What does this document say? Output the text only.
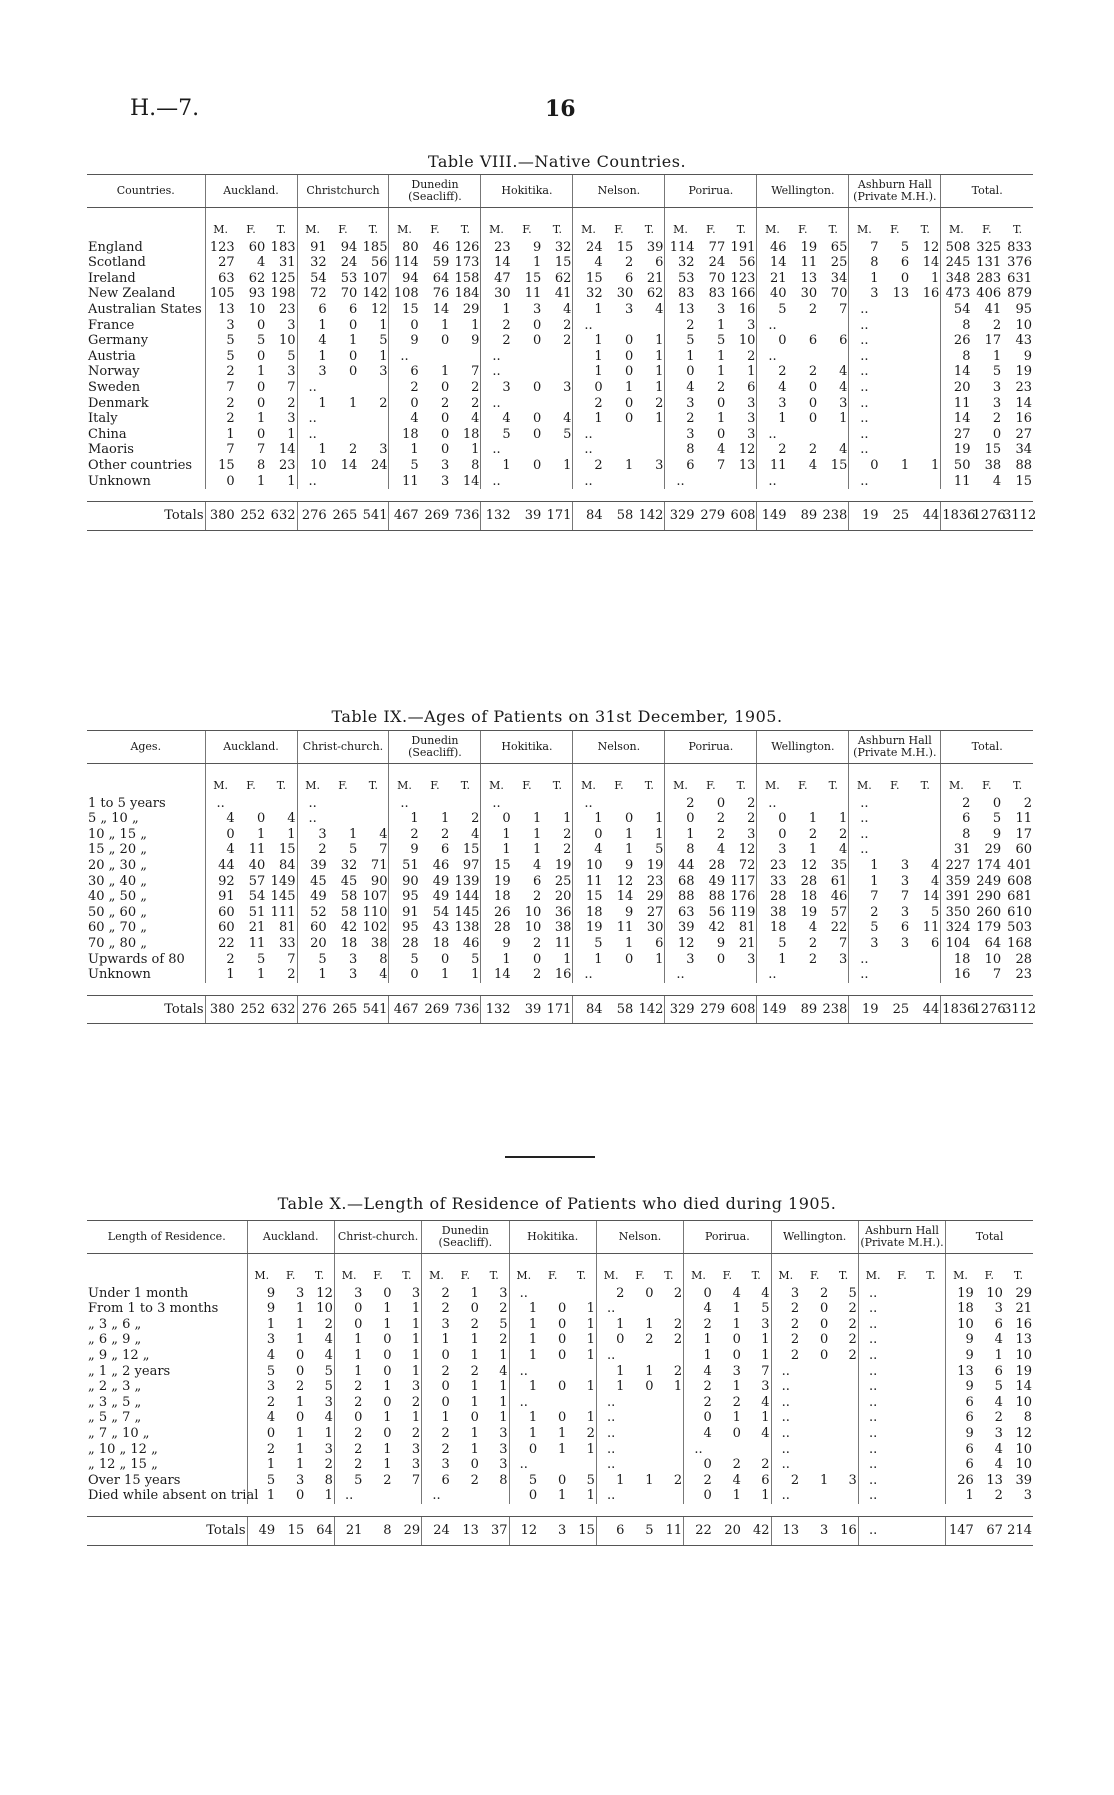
H.—7.	16
Table VIII.—Native Countries.
Countries.	Auckland.			Christchurch			Dunedin (Seacliff).			Hokitika.			Nelson.			Porirua.			Wellington.			Ashburn Hall (Private M.H.).			Total.		
	M.	F.	T.	M.	F.	T.	M.	F.	T.	M.	F.	T.	M.	F.	T.	M.	F.	T.	M.	F.	T.	M.	F.	T.	M.	F.	T.
England	123	60	183	91	94	185	80	46	126	23	9	32	24	15	39	114	77	191	46	19	65	7	5	12	508	325	833
Scotland	27	4	31	32	24	56	114	59	173	14	1	15	4	2	6	32	24	56	14	11	25	8	6	14	245	131	376
Ireland	63	62	125	54	53	107	94	64	158	47	15	62	15	6	21	53	70	123	21	13	34	1	0	1	348	283	631
New Zealand	105	93	198	72	70	142	108	76	184	30	11	41	32	30	62	83	83	166	40	30	70	3	13	16	473	406	879
Australian States	13	10	23	6	6	12	15	14	29	1	3	4	1	3	4	13	3	16	5	2	7	..			54	41	95
France	3	0	3	1	0	1	0	1	1	2	0	2	..			2	1	3	..			..			8	2	10
Germany	5	5	10	4	1	5	9	0	9	2	0	2	1	0	1	5	5	10	0	6	6	..			26	17	43
Austria	5	0	5	1	0	1	..			..			1	0	1	1	1	2	..			..			8	1	9
Norway	2	1	3	3	0	3	6	1	7	..			1	0	1	0	1	1	2	2	4	..			14	5	19
Sweden	7	0	7	..			2	0	2	3	0	3	0	1	1	4	2	6	4	0	4	..			20	3	23
Denmark	2	0	2	1	1	2	0	2	2	..			2	0	2	3	0	3	3	0	3	..			11	3	14
Italy	2	1	3	..			4	0	4	4	0	4	1	0	1	2	1	3	1	0	1	..			14	2	16
China	1	0	1	..			18	0	18	5	0	5	..			3	0	3	..			..			27	0	27
Maoris	7	7	14	1	2	3	1	0	1	..			..			8	4	12	2	2	4	..			19	15	34
Other countries	15	8	23	10	14	24	5	3	8	1	0	1	2	1	3	6	7	13	11	4	15	0	1	1	50	38	88
Unknown	0	1	1	..			11	3	14	..			..			..			..			..			11	4	15

Totals	380	252	632	276	265	541	467	269	736	132	39	171	84	58	142	329	279	608	149	89	238	19	25	44	1836	1276	3112
Table IX.—Ages of Patients on 31st December, 1905.
Ages.	Auckland.			Christ-church.			Dunedin (Seacliff).			Hokitika.			Nelson.			Porirua.			Wellington.			Ashburn Hall (Private M.H.).			Total.		
	M.	F.	T.	M.	F.	T.	M.	F.	T.	M.	F.	T.	M.	F.	T.	M.	F.	T.	M.	F.	T.	M.	F.	T.	M.	F.	T.
1 to 5 years	..			..			..			..			..			2	0	2	..			..			2	0	2
5 „ 10 „	4	0	4	..			1	1	2	0	1	1	1	0	1	0	2	2	0	1	1	..			6	5	11
10 „ 15 „	0	1	1	3	1	4	2	2	4	1	1	2	0	1	1	1	2	3	0	2	2	..			8	9	17
15 „ 20 „	4	11	15	2	5	7	9	6	15	1	1	2	4	1	5	8	4	12	3	1	4	..			31	29	60
20 „ 30 „	44	40	84	39	32	71	51	46	97	15	4	19	10	9	19	44	28	72	23	12	35	1	3	4	227	174	401
30 „ 40 „	92	57	149	45	45	90	90	49	139	19	6	25	11	12	23	68	49	117	33	28	61	1	3	4	359	249	608
40 „ 50 „	91	54	145	49	58	107	95	49	144	18	2	20	15	14	29	88	88	176	28	18	46	7	7	14	391	290	681
50 „ 60 „	60	51	111	52	58	110	91	54	145	26	10	36	18	9	27	63	56	119	38	19	57	2	3	5	350	260	610
60 „ 70 „	60	21	81	60	42	102	95	43	138	28	10	38	19	11	30	39	42	81	18	4	22	5	6	11	324	179	503
70 „ 80 „	22	11	33	20	18	38	28	18	46	9	2	11	5	1	6	12	9	21	5	2	7	3	3	6	104	64	168
Upwards of 80	2	5	7	5	3	8	5	0	5	1	0	1	1	0	1	3	0	3	1	2	3	..			18	10	28
Unknown	1	1	2	1	3	4	0	1	1	14	2	16	..			..			..			..			16	7	23

Totals	380	252	632	276	265	541	467	269	736	132	39	171	84	58	142	329	279	608	149	89	238	19	25	44	1836	1276	3112
Table X.—Length of Residence of Patients who died during 1905.
Length of Residence.	Auckland.			Christ-church.			Dunedin (Seacliff).			Hokitika.			Nelson.			Porirua.			Wellington.			Ashburn Hall (Private M.H.).			Total		
	M.	F.	T.	M.	F.	T.	M.	F.	T.	M.	F.	T.	M.	F.	T.	M.	F.	T.	M.	F.	T.	M.	F.	T.	M.	F.	T.
Under 1 month	9	3	12	3	0	3	2	1	3	..			2	0	2	0	4	4	3	2	5	..			19	10	29
From 1 to 3 months	9	1	10	0	1	1	2	0	2	1	0	1	..			4	1	5	2	0	2	..			18	3	21
„ 3 „ 6 „	1	1	2	0	1	1	3	2	5	1	0	1	1	1	2	2	1	3	2	0	2	..			10	6	16
„ 6 „ 9 „	3	1	4	1	0	1	1	1	2	1	0	1	0	2	2	1	0	1	2	0	2	..			9	4	13
„ 9 „ 12 „	4	0	4	1	0	1	0	1	1	1	0	1	..			1	0	1	2	0	2	..			9	1	10
„ 1 „ 2 years	5	0	5	1	0	1	2	2	4	..			1	1	2	4	3	7	..			..			13	6	19
„ 2 „ 3 „	3	2	5	2	1	3	0	1	1	1	0	1	1	0	1	2	1	3	..			..			9	5	14
„ 3 „ 5 „	2	1	3	2	0	2	0	1	1	..			..			2	2	4	..			..			6	4	10
„ 5 „ 7 „	4	0	4	0	1	1	1	0	1	1	0	1	..			0	1	1	..			..			6	2	8
„ 7 „ 10 „	0	1	1	2	0	2	2	1	3	1	1	2	..			4	0	4	..			..			9	3	12
„ 10 „ 12 „	2	1	3	2	1	3	2	1	3	0	1	1	..			..			..			..			6	4	10
„ 12 „ 15 „	1	1	2	2	1	3	3	0	3	..			..			0	2	2	..			..			6	4	10
Over 15 years	5	3	8	5	2	7	6	2	8	5	0	5	1	1	2	2	4	6	2	1	3	..			26	13	39
Died while absent on trial	1	0	1	..			..			0	1	1	..			0	1	1	..			..			1	2	3

Totals	49	15	64	21	8	29	24	13	37	12	3	15	6	5	11	22	20	42	13	3	16	..			147	67	214
